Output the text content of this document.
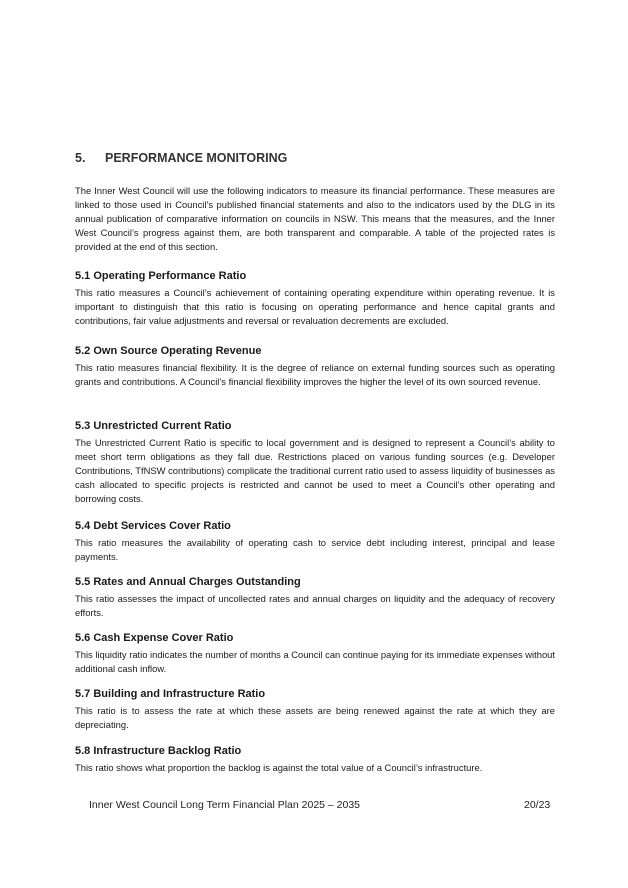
5. PERFORMANCE MONITORING

The Inner West Council will use the following indicators to measure its financial performance. These measures are linked to those used in Council’s published financial statements and also to the indicators used by the DLG in its annual publication of comparative information on councils in NSW. This means that the measures, and the Inner West Council’s progress against them, are both transparent and comparable. A table of the projected rates is provided at the end of this section.

5.1 Operating Performance Ratio

This ratio measures a Council’s achievement of containing operating expenditure within operating revenue. It is important to distinguish that this ratio is focusing on operating performance and hence capital grants and contributions, fair value adjustments and reversal or revaluation decrements are excluded.

5.2 Own Source Operating Revenue

This ratio measures financial flexibility. It is the degree of reliance on external funding sources such as operating grants and contributions. A Council’s financial flexibility improves the higher the level of its own sourced revenue.

5.3 Unrestricted Current Ratio

The Unrestricted Current Ratio is specific to local government and is designed to represent a Council’s ability to meet short term obligations as they fall due. Restrictions placed on various funding sources (e.g. Developer Contributions, TfNSW contributions) complicate the traditional current ratio used to assess liquidity of businesses as cash allocated to specific projects is restricted and cannot be used to meet a Council’s other operating and borrowing costs.

5.4 Debt Services Cover Ratio

This ratio measures the availability of operating cash to service debt including interest, principal and lease payments.

5.5 Rates and Annual Charges Outstanding

This ratio assesses the impact of uncollected rates and annual charges on liquidity and the adequacy of recovery efforts.

5.6 Cash Expense Cover Ratio

This liquidity ratio indicates the number of months a Council can continue paying for its immediate expenses without additional cash inflow.

5.7 Building and Infrastructure Ratio

This ratio is to assess the rate at which these assets are being renewed against the rate at which they are depreciating.

5.8 Infrastructure Backlog Ratio

This ratio shows what proportion the backlog is against the total value of a Council’s infrastructure.

Inner West Council Long Term Financial Plan 2025 – 2035	20/23
